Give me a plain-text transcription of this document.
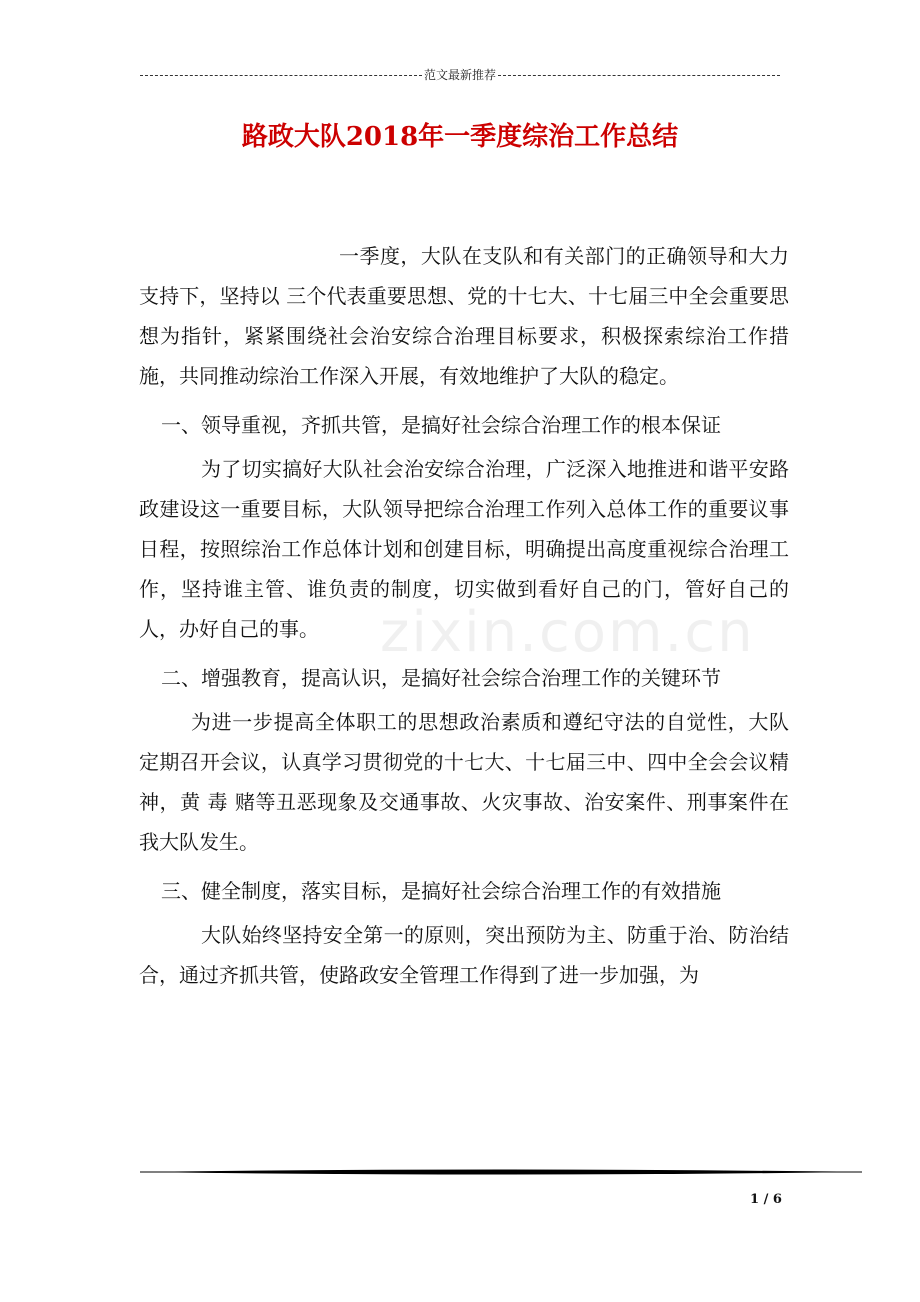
范文最新推荐
路政大队2018年一季度综治工作总结
zixin.com.cn

一季度，大队在支队和有关部门的正确领导和大力支持下，坚持以 三个代表重要思想、党的十七大、十七届三中全会重要思想为指针，紧紧围绕社会治安综合治理目标要求，积极探索综治工作措施，共同推动综治工作深入开展，有效地维护了大队的稳定。

一、领导重视，齐抓共管，是搞好社会综合治理工作的根本保证

为了切实搞好大队社会治安综合治理，广泛深入地推进和谐平安路政建设这一重要目标，大队领导把综合治理工作列入总体工作的重要议事日程，按照综治工作总体计划和创建目标，明确提出高度重视综合治理工作，坚持谁主管、谁负责的制度，切实做到看好自己的门，管好自己的人，办好自己的事。

二、增强教育，提高认识，是搞好社会综合治理工作的关键环节

为进一步提高全体职工的思想政治素质和遵纪守法的自觉性，大队定期召开会议，认真学习贯彻党的十七大、十七届三中、四中全会会议精神，黄 毒 赌等丑恶现象及交通事故、火灾事故、治安案件、刑事案件在我大队发生。

三、健全制度，落实目标，是搞好社会综合治理工作的有效措施

大队始终坚持安全第一的原则，突出预防为主、防重于治、防治结合，通过齐抓共管，使路政安全管理工作得到了进一步加强，为

1 / 6
